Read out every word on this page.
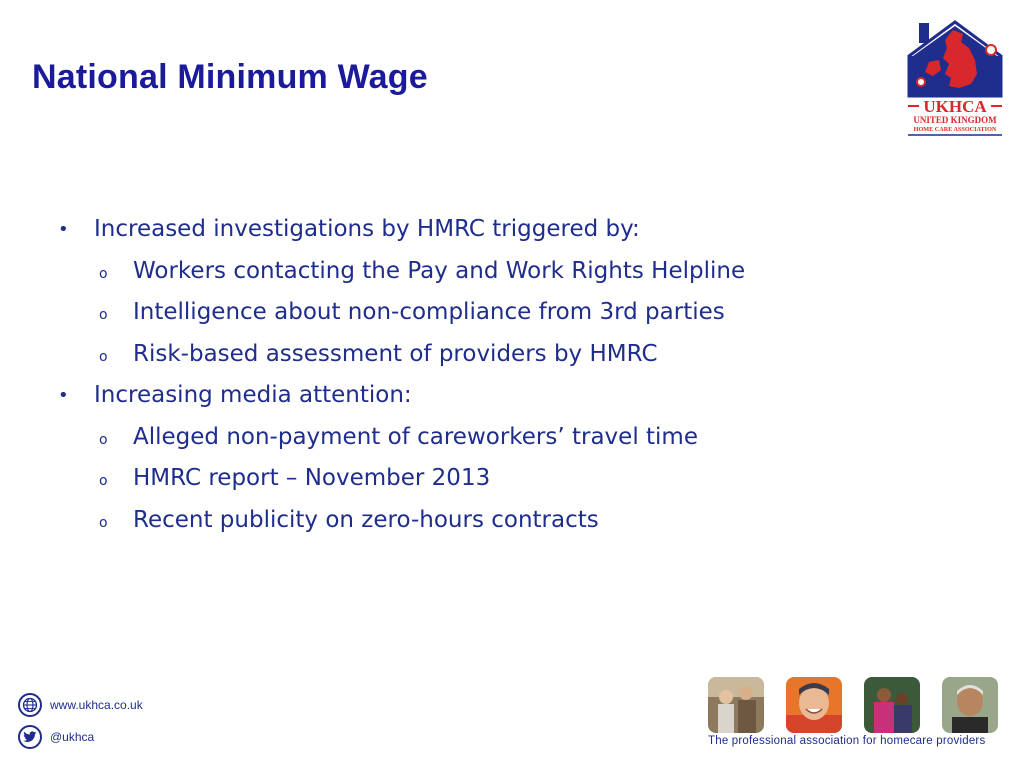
National Minimum Wage
UKHCA
UNITED KINGDOM
HOME CARE ASSOCIATION
• Increased investigations by HMRC triggered by:
o Workers contacting the Pay and Work Rights Helpline
o Intelligence about non-compliance from 3rd parties
o Risk-based assessment of providers by HMRC
• Increasing media attention:
o Alleged non-payment of careworkers’ travel time
o HMRC report – November 2013
o Recent publicity on zero-hours contracts
www.ukhca.co.uk
@ukhca	The professional association for homecare providers
